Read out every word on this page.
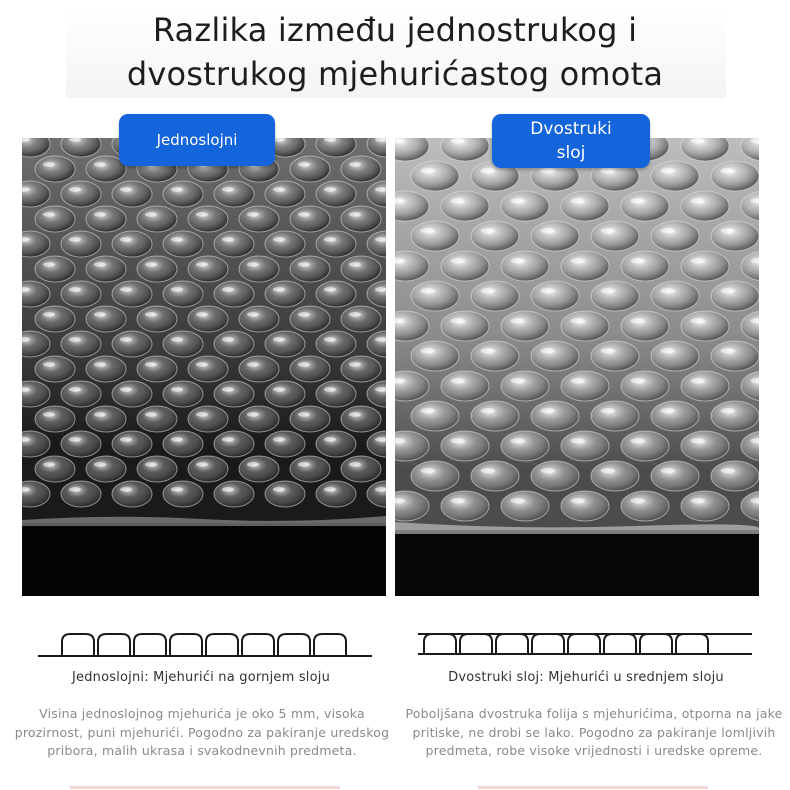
Razlika između jednostrukog i
dvostrukog mjehurićastog omota
Jednoslojni
Dvostruki
sloj
Jednoslojni: Mjehurići na gornjem sloju	Dvostruki sloj: Mjehurići u srednjem sloju
Visina jednoslojnog mjehurića je oko 5 mm, visoka prozirnost, puni mjehurići. Pogodno za pakiranje uredskog pribora, malih ukrasa i svakodnevnih predmeta.
Poboljšana dvostruka folija s mjehurićima, otporna na jake pritiske, ne drobi se lako. Pogodno za pakiranje lomljivih predmeta, robe visoke vrijednosti i uredske opreme.
